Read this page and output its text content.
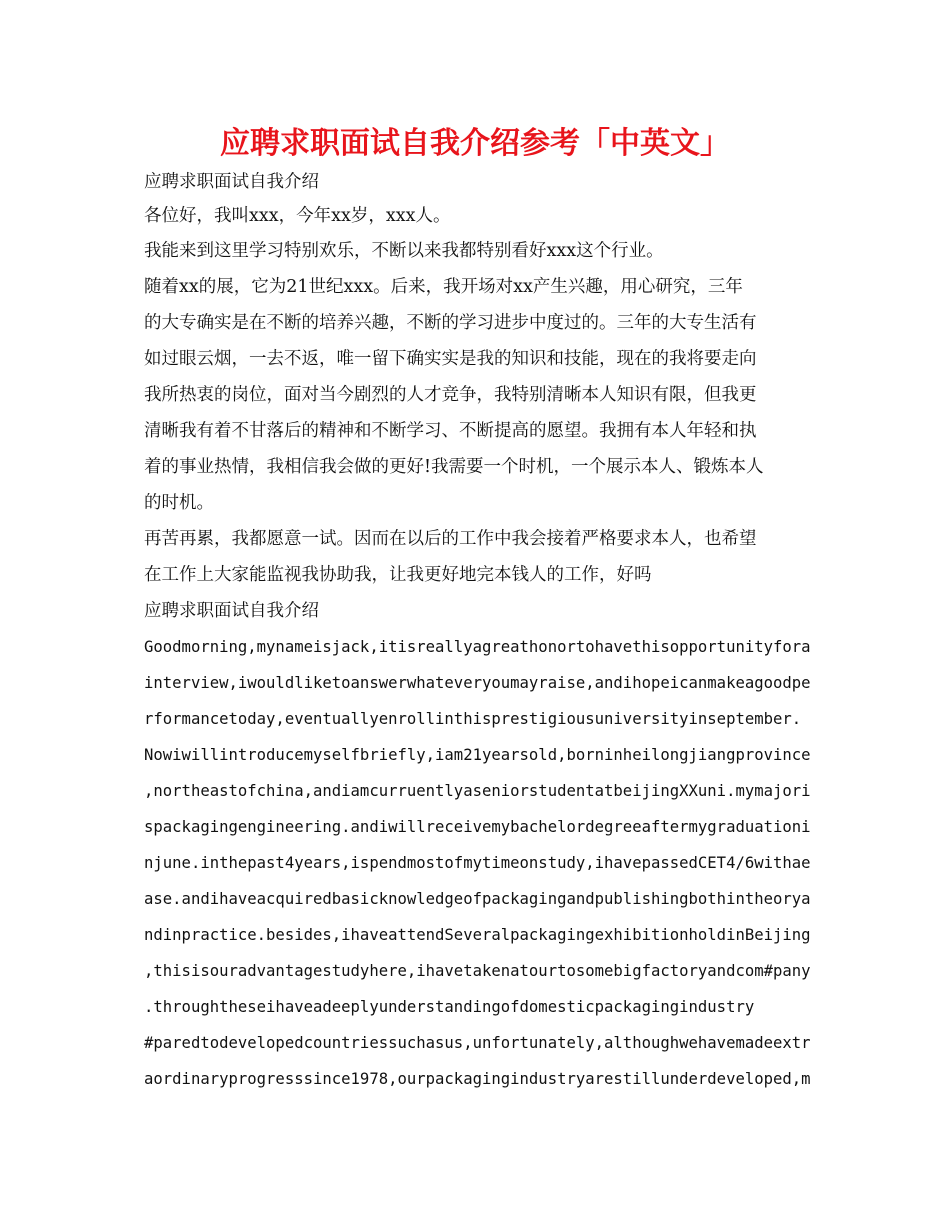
应聘求职面试自我介绍参考「中英文」
应聘求职面试自我介绍
各位好，我叫xxx，今年xx岁，xxx人。
我能来到这里学习特别欢乐，不断以来我都特别看好xxx这个行业。
随着xx的展，它为21世纪xxx。后来，我开场对xx产生兴趣，用心研究，三年
的大专确实是在不断的培养兴趣，不断的学习进步中度过的。三年的大专生活有
如过眼云烟，一去不返，唯一留下确实实是我的知识和技能，现在的我将要走向
我所热衷的岗位，面对当今剧烈的人才竞争，我特别清晰本人知识有限，但我更
清晰我有着不甘落后的精神和不断学习、不断提高的愿望。我拥有本人年轻和执
着的事业热情，我相信我会做的更好!我需要一个时机，一个展示本人、锻炼本人
的时机。
再苦再累，我都愿意一试。因而在以后的工作中我会接着严格要求本人，也希望
在工作上大家能监视我协助我，让我更好地完本钱人的工作，好吗
应聘求职面试自我介绍
Goodmorning,mynameisjack,itisreallyagreathonortohavethisopportunityfora
interview,iwouldliketoanswerwhateveryoumayraise,andihopeicanmakeagoodpe
rformancetoday,eventuallyenrollinthisprestigiousuniversityinseptember.
Nowiwillintroducemyselfbriefly,iam21yearsold,borninheilongjiangprovince
,northeastofchina,andiamcurruentlyaseniorstudentatbeijingXXuni.mymajori
spackagingengineering.andiwillreceivemybachelordegreeaftermygraduationi
njune.inthepast4years,ispendmostofmytimeonstudy,ihavepassedCET4/6withae
ase.andihaveacquiredbasicknowledgeofpackagingandpublishingbothintheorya
ndinpractice.besides,ihaveattendSeveralpackagingexhibitionholdinBeijing
,thisisouradvantagestudyhere,ihavetakenatourtosomebigfactoryandcom#pany
.throughtheseihaveadeeplyunderstandingofdomesticpackagingindustry
#paredtodevelopedcountriessuchasus,unfortunately,althoughwehavemadeextr
aordinaryprogresssince1978,ourpackagingindustryarestillunderdeveloped,m
